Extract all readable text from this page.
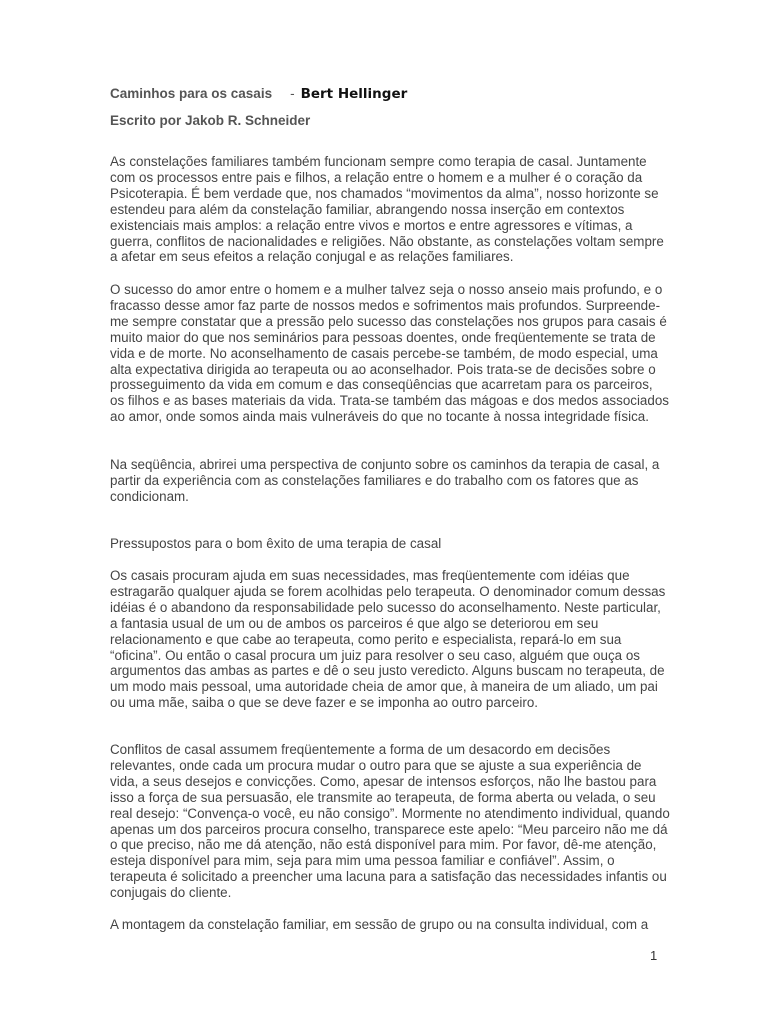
Caminhos para os casais - Bert Hellinger
Escrito por Jakob R. Schneider

As constelações familiares também funcionam sempre como terapia de casal. Juntamente com os processos entre pais e filhos, a relação entre o homem e a mulher é o coração da Psicoterapia. É bem verdade que, nos chamados “movimentos da alma”, nosso horizonte se estendeu para além da constelação familiar, abrangendo nossa inserção em contextos existenciais mais amplos: a relação entre vivos e mortos e entre agressores e vítimas, a guerra, conflitos de nacionalidades e religiões. Não obstante, as constelações voltam sempre a afetar em seus efeitos a relação conjugal e as relações familiares.

O sucesso do amor entre o homem e a mulher talvez seja o nosso anseio mais profundo, e o fracasso desse amor faz parte de nossos medos e sofrimentos mais profundos. Surpreende-me sempre constatar que a pressão pelo sucesso das constelações nos grupos para casais é muito maior do que nos seminários para pessoas doentes, onde freqüentemente se trata de vida e de morte. No aconselhamento de casais percebe-se também, de modo especial, uma alta expectativa dirigida ao terapeuta ou ao aconselhador. Pois trata-se de decisões sobre o prosseguimento da vida em comum e das conseqüências que acarretam para os parceiros, os filhos e as bases materiais da vida. Trata-se também das mágoas e dos medos associados ao amor, onde somos ainda mais vulneráveis do que no tocante à nossa integridade física.

Na seqüência, abrirei uma perspectiva de conjunto sobre os caminhos da terapia de casal, a partir da experiência com as constelações familiares e do trabalho com os fatores que as condicionam.

Pressupostos para o bom êxito de uma terapia de casal

Os casais procuram ajuda em suas necessidades, mas freqüentemente com idéias que estragarão qualquer ajuda se forem acolhidas pelo terapeuta. O denominador comum dessas idéias é o abandono da responsabilidade pelo sucesso do aconselhamento. Neste particular, a fantasia usual de um ou de ambos os parceiros é que algo se deteriorou em seu relacionamento e que cabe ao terapeuta, como perito e especialista, repará-lo em sua “oficina”. Ou então o casal procura um juiz para resolver o seu caso, alguém que ouça os argumentos das ambas as partes e dê o seu justo veredicto. Alguns buscam no terapeuta, de um modo mais pessoal, uma autoridade cheia de amor que, à maneira de um aliado, um pai ou uma mãe, saiba o que se deve fazer e se imponha ao outro parceiro.

Conflitos de casal assumem freqüentemente a forma de um desacordo em decisões relevantes, onde cada um procura mudar o outro para que se ajuste a sua experiência de vida, a seus desejos e convicções. Como, apesar de intensos esforços, não lhe bastou para isso a força de sua persuasão, ele transmite ao terapeuta, de forma aberta ou velada, o seu real desejo: “Convença-o você, eu não consigo”. Mormente no atendimento individual, quando apenas um dos parceiros procura conselho, transparece este apelo: “Meu parceiro não me dá o que preciso, não me dá atenção, não está disponível para mim. Por favor, dê-me atenção, esteja disponível para mim, seja para mim uma pessoa familiar e confiável”. Assim, o terapeuta é solicitado a preencher uma lacuna para a satisfação das necessidades infantis ou conjugais do cliente.

A montagem da constelação familiar, em sessão de grupo ou na consulta individual, com a

1
